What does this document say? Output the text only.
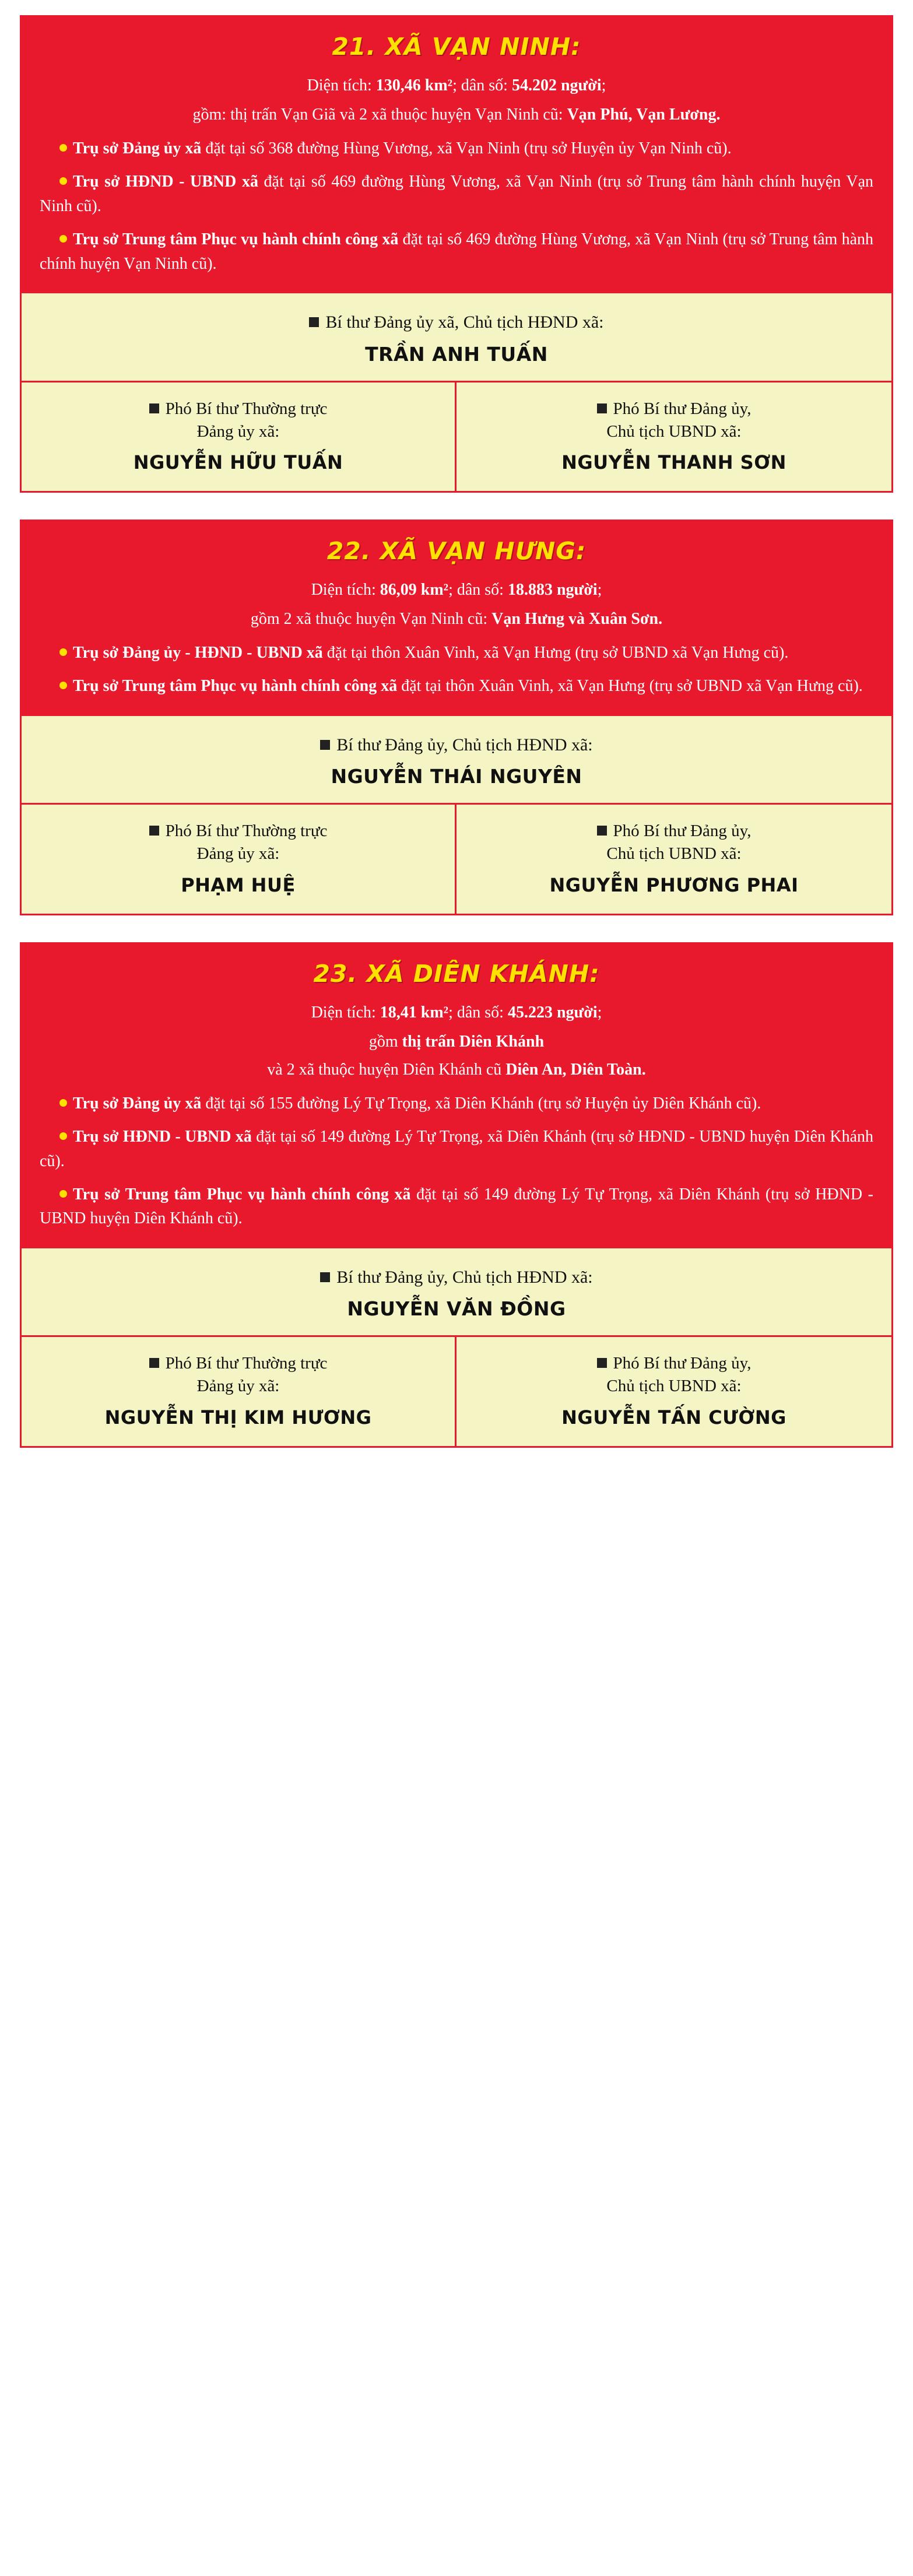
21. XÃ VẠN NINH:
Diện tích: 130,46 km²; dân số: 54.202 người;
gồm: thị trấn Vạn Giã và 2 xã thuộc huyện Vạn Ninh cũ: Vạn Phú, Vạn Lương.
Trụ sở Đảng ủy xã đặt tại số 368 đường Hùng Vương, xã Vạn Ninh (trụ sở Huyện ủy Vạn Ninh cũ).
Trụ sở HĐND - UBND xã đặt tại số 469 đường Hùng Vương, xã Vạn Ninh (trụ sở Trung tâm hành chính huyện Vạn Ninh cũ).
Trụ sở Trung tâm Phục vụ hành chính công xã đặt tại số 469 đường Hùng Vương, xã Vạn Ninh (trụ sở Trung tâm hành chính huyện Vạn Ninh cũ).
Bí thư Đảng ủy xã, Chủ tịch HĐND xã:
TRẦN ANH TUẤN
Phó Bí thư Thường trực
Đảng ủy xã:
NGUYỄN HỮU TUẤN
Phó Bí thư Đảng ủy,
Chủ tịch UBND xã:
NGUYỄN THANH SƠN
22. XÃ VẠN HƯNG:
Diện tích: 86,09 km²; dân số: 18.883 người;
gồm 2 xã thuộc huyện Vạn Ninh cũ: Vạn Hưng và Xuân Sơn.
Trụ sở Đảng ủy - HĐND - UBND xã đặt tại thôn Xuân Vinh, xã Vạn Hưng (trụ sở UBND xã Vạn Hưng cũ).
Trụ sở Trung tâm Phục vụ hành chính công xã đặt tại thôn Xuân Vinh, xã Vạn Hưng (trụ sở UBND xã Vạn Hưng cũ).
Bí thư Đảng ủy, Chủ tịch HĐND xã:
NGUYỄN THÁI NGUYÊN
Phó Bí thư Thường trực
Đảng ủy xã:
PHẠM HUỆ
Phó Bí thư Đảng ủy,
Chủ tịch UBND xã:
NGUYỄN PHƯƠNG PHAI
23. XÃ DIÊN KHÁNH:
Diện tích: 18,41 km²; dân số: 45.223 người;
gồm thị trấn Diên Khánh
và 2 xã thuộc huyện Diên Khánh cũ Diên An, Diên Toàn.
Trụ sở Đảng ủy xã đặt tại số 155 đường Lý Tự Trọng, xã Diên Khánh (trụ sở Huyện ủy Diên Khánh cũ).
Trụ sở HĐND - UBND xã đặt tại số 149 đường Lý Tự Trọng, xã Diên Khánh (trụ sở HĐND - UBND huyện Diên Khánh cũ).
Trụ sở Trung tâm Phục vụ hành chính công xã đặt tại số 149 đường Lý Tự Trọng, xã Diên Khánh (trụ sở HĐND - UBND huyện Diên Khánh cũ).
Bí thư Đảng ủy, Chủ tịch HĐND xã:
NGUYỄN VĂN ĐỒNG
Phó Bí thư Thường trực
Đảng ủy xã:
NGUYỄN THỊ KIM HƯƠNG
Phó Bí thư Đảng ủy,
Chủ tịch UBND xã:
NGUYỄN TẤN CƯỜNG
